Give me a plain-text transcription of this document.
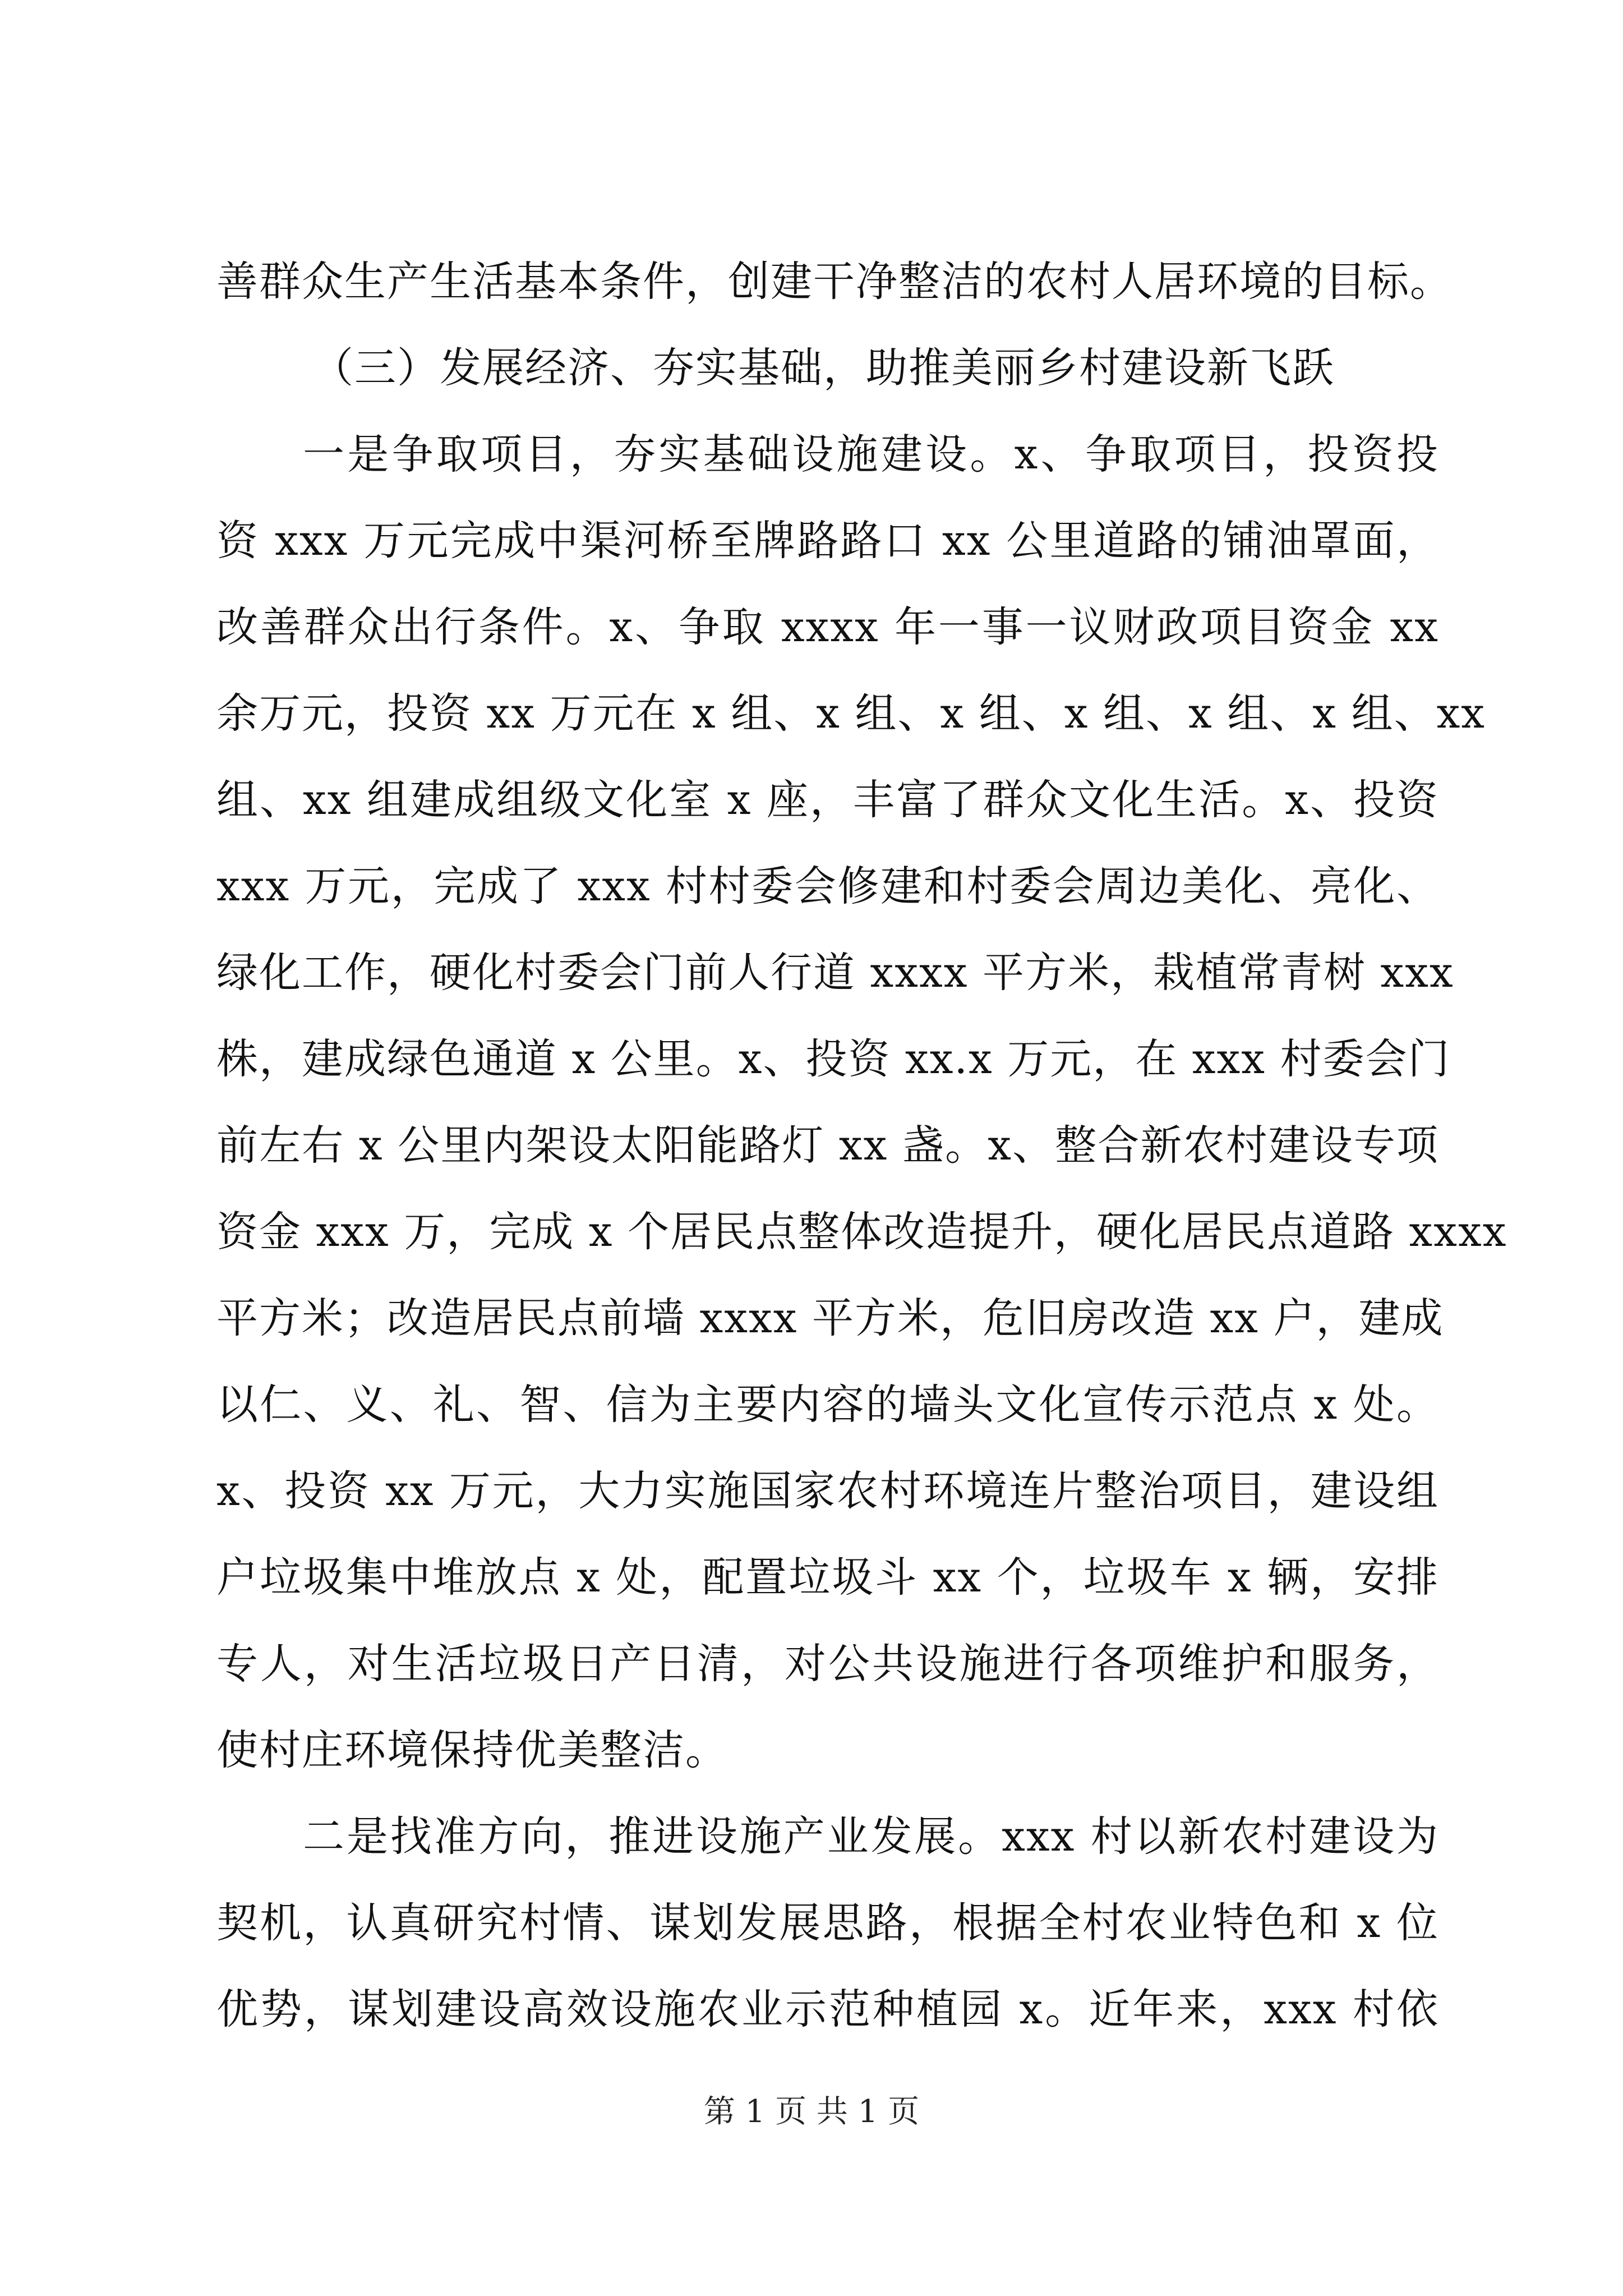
善群众生产生活基本条件，创建干净整洁的农村人居环境的目标。
（三）发展经济、夯实基础，助推美丽乡村建设新飞跃
一是争取项目，夯实基础设施建设。x、争取项目，投资投
资 xxx 万元完成中渠河桥至牌路路口 xx 公里道路的铺油罩面，
改善群众出行条件。x、争取 xxxx 年一事一议财政项目资金 xx
余万元，投资 xx 万元在 x 组、x 组、x 组、x 组、x 组、x 组、xx
组、xx 组建成组级文化室 x 座，丰富了群众文化生活。x、投资
xxx 万元，完成了 xxx 村村委会修建和村委会周边美化、亮化、
绿化工作，硬化村委会门前人行道 xxxx 平方米，栽植常青树 xxx
株，建成绿色通道 x 公里。x、投资 xx.x 万元，在 xxx 村委会门
前左右 x 公里内架设太阳能路灯 xx 盏。x、整合新农村建设专项
资金 xxx 万，完成 x 个居民点整体改造提升，硬化居民点道路 xxxx
平方米；改造居民点前墙 xxxx 平方米，危旧房改造 xx 户，建成
以仁、义、礼、智、信为主要内容的墙头文化宣传示范点 x 处。
x、投资 xx 万元，大力实施国家农村环境连片整治项目，建设组
户垃圾集中堆放点 x 处，配置垃圾斗 xx 个，垃圾车 x 辆，安排
专人，对生活垃圾日产日清，对公共设施进行各项维护和服务，
使村庄环境保持优美整洁。
二是找准方向，推进设施产业发展。xxx 村以新农村建设为
契机，认真研究村情、谋划发展思路，根据全村农业特色和 x 位
优势，谋划建设高效设施农业示范种植园 x。近年来，xxx 村依
第 1 页 共 1 页
